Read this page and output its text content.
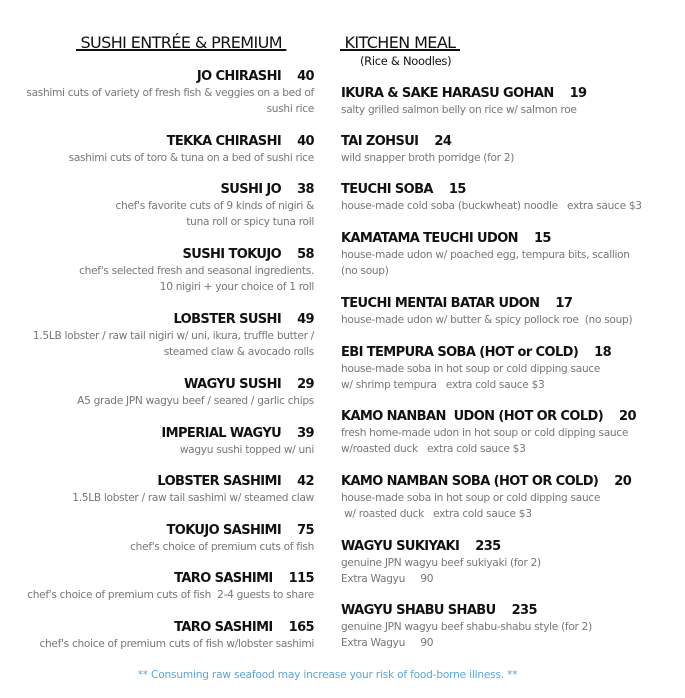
SUSHI ENTRÉE & PREMIUM	KITCHEN MEAL
(Rice & Noodles)
JO CHIRASHI 40
sashimi cuts of variety of fresh fish & veggies on a bed of
sushi rice
TEKKA CHIRASHI 40
sashimi cuts of toro & tuna on a bed of sushi rice
SUSHI JO 38
chef's favorite cuts of 9 kinds of nigiri &
tuna roll or spicy tuna roll
SUSHI TOKUJO 58
chef's selected fresh and seasonal ingredients.
10 nigiri + your choice of 1 roll
LOBSTER SUSHI 49
1.5LB lobster / raw tail nigiri w/ uni, ikura, truffle butter /
steamed claw & avocado rolls
WAGYU SUSHI 29
A5 grade JPN wagyu beef / seared / garlic chips
IMPERIAL WAGYU 39
wagyu sushi topped w/ uni
LOBSTER SASHIMI 42
1.5LB lobster / raw tail sashimi w/ steamed claw
TOKUJO SASHIMI 75
chef's choice of premium cuts of fish
TARO SASHIMI 115
chef's choice of premium cuts of fish  2-4 guests to share
TARO SASHIMI 165
chef's choice of premium cuts of fish w/lobster sashimi
IKURA & SAKE HARASU GOHAN 19
salty grilled salmon belly on rice w/ salmon roe
TAI ZOHSUI 24
wild snapper broth porridge (for 2)
TEUCHI SOBA 15
house-made cold soba (buckwheat) noodle   extra sauce $3
KAMATAMA TEUCHI UDON 15
house-made udon w/ poached egg, tempura bits, scallion
(no soup)
TEUCHI MENTAI BATAR UDON 17
house-made udon w/ butter & spicy pollock roe  (no soup)
EBI TEMPURA SOBA (HOT or COLD) 18
house-made soba in hot soup or cold dipping sauce
w/ shrimp tempura   extra cold sauce $3
KAMO NANBAN  UDON (HOT OR COLD) 20
fresh home-made udon in hot soup or cold dipping sauce
w/roasted duck   extra cold sauce $3
KAMO NAMBAN SOBA (HOT OR COLD) 20
house-made soba in hot soup or cold dipping sauce
w/ roasted duck   extra cold sauce $3
WAGYU SUKIYAKI 235
genuine JPN wagyu beef sukiyaki (for 2)
Extra Wagyu     90
WAGYU SHABU SHABU 235
genuine JPN wagyu beef shabu-shabu style (for 2)
Extra Wagyu     90
** Consuming raw seafood may increase your risk of food-borne illness. **
